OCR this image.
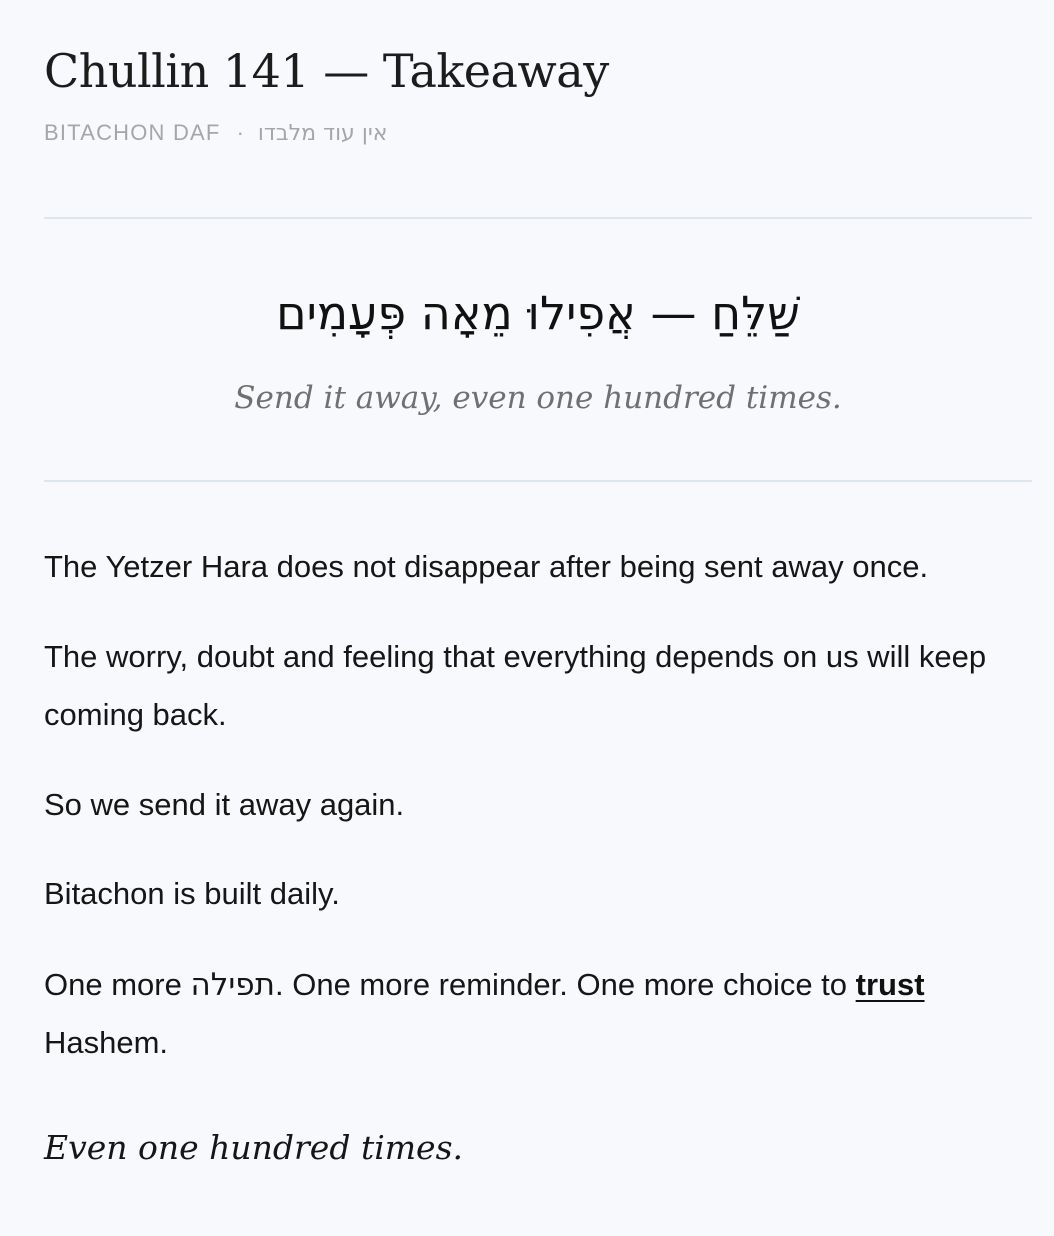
Chullin 141 — Takeaway
BITACHON DAF · אין עוד מלבדו
שַׁלֵּחַ — אֲפִילוּ מֵאָה פְּעָמִים
Send it away, even one hundred times.

The Yetzer Hara does not disappear after being sent away once.

The worry, doubt and feeling that everything depends on us will keep coming back.

So we send it away again.

Bitachon is built daily.

One more תפילה. One more reminder. One more choice to trust Hashem.

Even one hundred times.
